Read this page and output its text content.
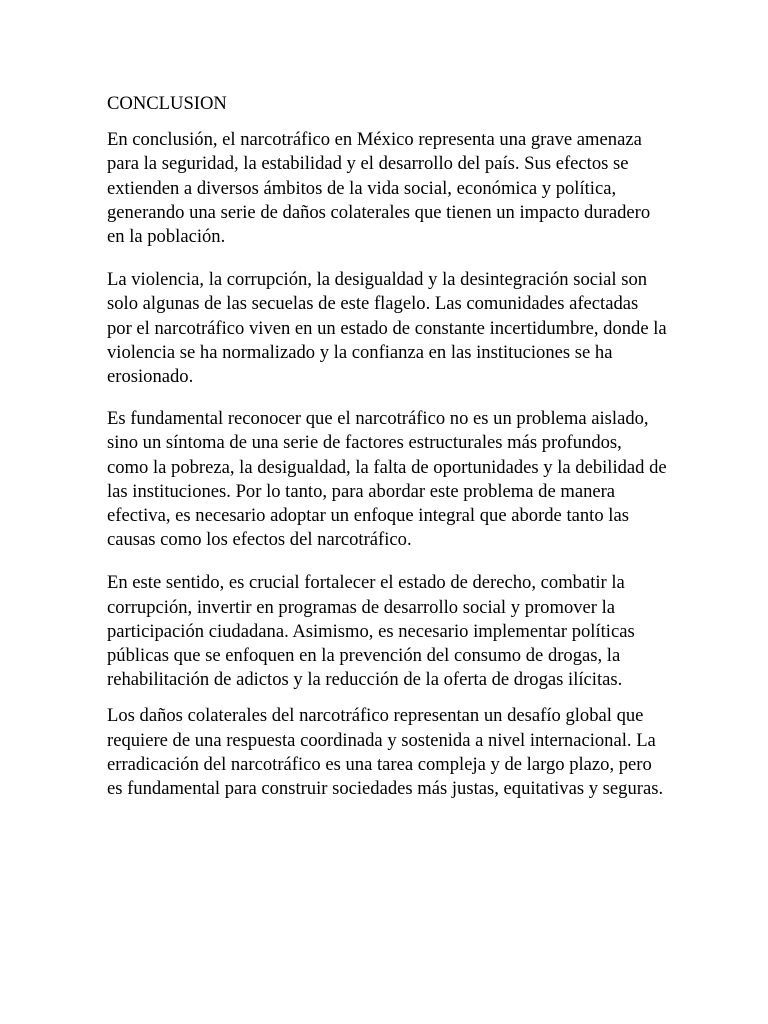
CONCLUSION

En conclusión, el narcotráfico en México representa una grave amenaza para la seguridad, la estabilidad y el desarrollo del país. Sus efectos se extienden a diversos ámbitos de la vida social, económica y política, generando una serie de daños colaterales que tienen un impacto duradero en la población.

La violencia, la corrupción, la desigualdad y la desintegración social son solo algunas de las secuelas de este flagelo. Las comunidades afectadas por el narcotráfico viven en un estado de constante incertidumbre, donde la violencia se ha normalizado y la confianza en las instituciones se ha erosionado.

Es fundamental reconocer que el narcotráfico no es un problema aislado, sino un síntoma de una serie de factores estructurales más profundos, como la pobreza, la desigualdad, la falta de oportunidades y la debilidad de las instituciones. Por lo tanto, para abordar este problema de manera efectiva, es necesario adoptar un enfoque integral que aborde tanto las causas como los efectos del narcotráfico.

En este sentido, es crucial fortalecer el estado de derecho, combatir la corrupción, invertir en programas de desarrollo social y promover la participación ciudadana. Asimismo, es necesario implementar políticas públicas que se enfoquen en la prevención del consumo de drogas, la rehabilitación de adictos y la reducción de la oferta de drogas ilícitas.

Los daños colaterales del narcotráfico representan un desafío global que requiere de una respuesta coordinada y sostenida a nivel internacional. La erradicación del narcotráfico es una tarea compleja y de largo plazo, pero es fundamental para construir sociedades más justas, equitativas y seguras.
